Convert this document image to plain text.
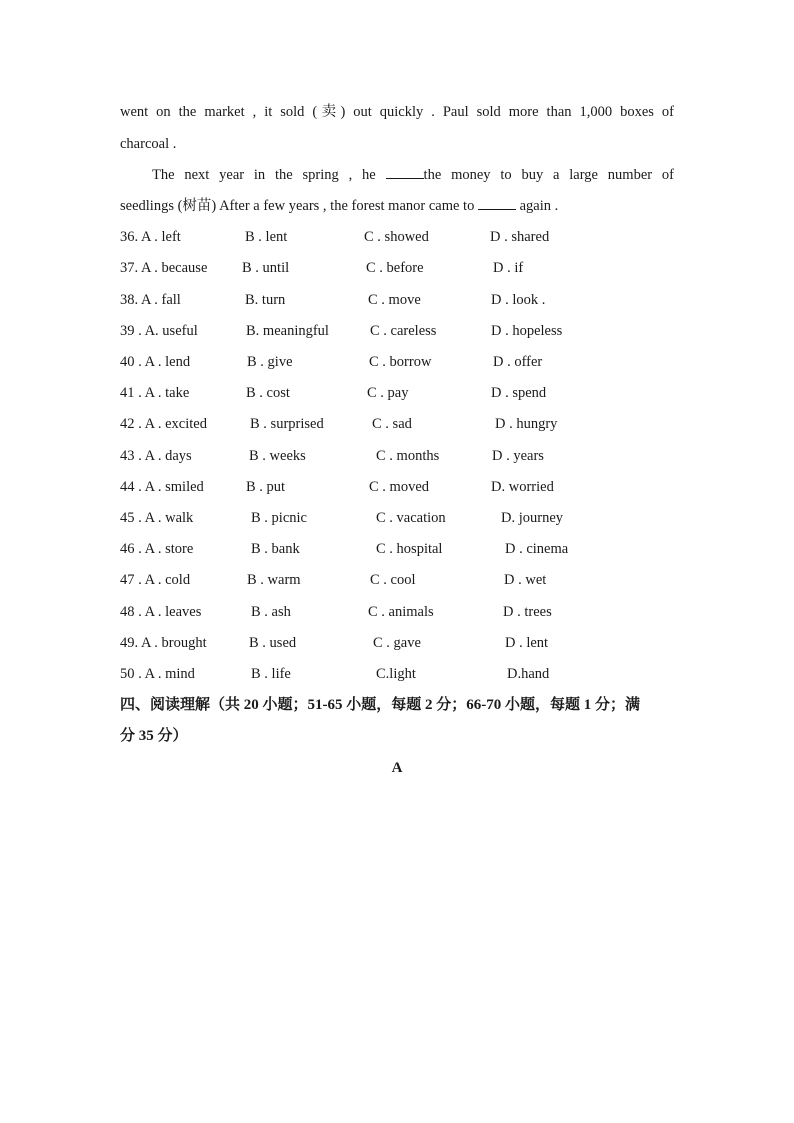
went on the market , it sold (卖) out quickly . Paul sold more than 1,000 boxes of
charcoal .
The next year in the spring , he	the money to buy a large number of
seedlings (树苗) After a few years , the forest manor came to	again .
36. A . left	B . lent	C . showed	D . shared
37. A . because B . until	C . before	D . if
38. A . fall	B. turn	C . move	D . look .
39 . A. useful	B. meaningful	C . careless	D . hopeless
40 . A . lend	B . give	C . borrow	D . offer
41 . A . take	B . cost	C . pay	D . spend
42 . A . excited	B . surprised	C . sad	D . hungry
43 . A . days	B . weeks	C . months	D . years
44 . A . smiled	B . put	C . moved	D. worried
45 . A . walk	B . picnic	C . vacation	D. journey
46 . A . store	B . bank	C . hospital	D . cinema
47 . A . cold	B . warm	C . cool	D . wet
48 . A . leaves	B . ash	C . animals	D . trees
49. A . brought	B . used	C . gave	D . lent
50 . A . mind	B . life	C.light	D.hand
四、阅读理解（共 20 小题；51-65 小题，每题 2 分；66-70 小题，每题 1 分；满
分 35 分）
A
